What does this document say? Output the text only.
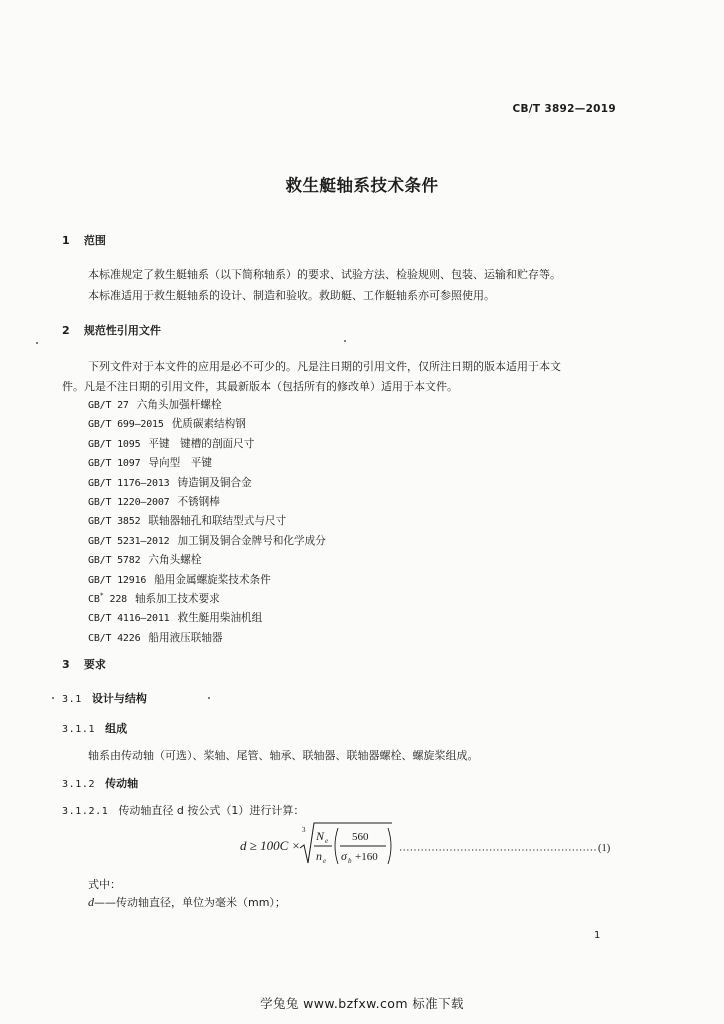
CB/T 3892—2019
救生艇轴系技术条件
1 范围
本标准规定了救生艇轴系（以下简称轴系）的要求、试验方法、检验规则、包装、运输和贮存等。
本标准适用于救生艇轴系的设计、制造和验收。救助艇、工作艇轴系亦可参照使用。
2 规范性引用文件
下列文件对于本文件的应用是必不可少的。凡是注日期的引用文件，仅所注日期的版本适用于本文
件。凡是不注日期的引用文件，其最新版本（包括所有的修改单）适用于本文件。
GB/T 27 六角头加强杆螺栓
GB/T 699—2015 优质碳素结构钢
GB/T 1095 平键　键槽的剖面尺寸
GB/T 1097 导向型　平键
GB/T 1176—2013 铸造铜及铜合金
GB/T 1220—2007 不锈钢棒
GB/T 3852 联轴器轴孔和联结型式与尺寸
GB/T 5231—2012 加工铜及铜合金牌号和化学成分
GB/T 5782 六角头螺栓
GB/T 12916 船用金属螺旋桨技术条件
CB* 228 轴系加工技术要求
CB/T 4116—2011 救生艇用柴油机组
CB/T 4226 船用液压联轴器
3 要求
3.1 设计与结构
3.1.1 组成
轴系由传动轴（可选）、桨轴、尾管、轴承、联轴器、联轴器螺栓、螺旋桨组成。
3.1.2 传动轴
3.1.2.1 传动轴直径 d 按公式（1）进行计算：
d ≥ 100C ×
3 N e
n e
560
σ b +160
(1)
式中：
d——传动轴直径，单位为毫米（mm）；
1
学兔兔 www.bzfxw.com 标准下载
